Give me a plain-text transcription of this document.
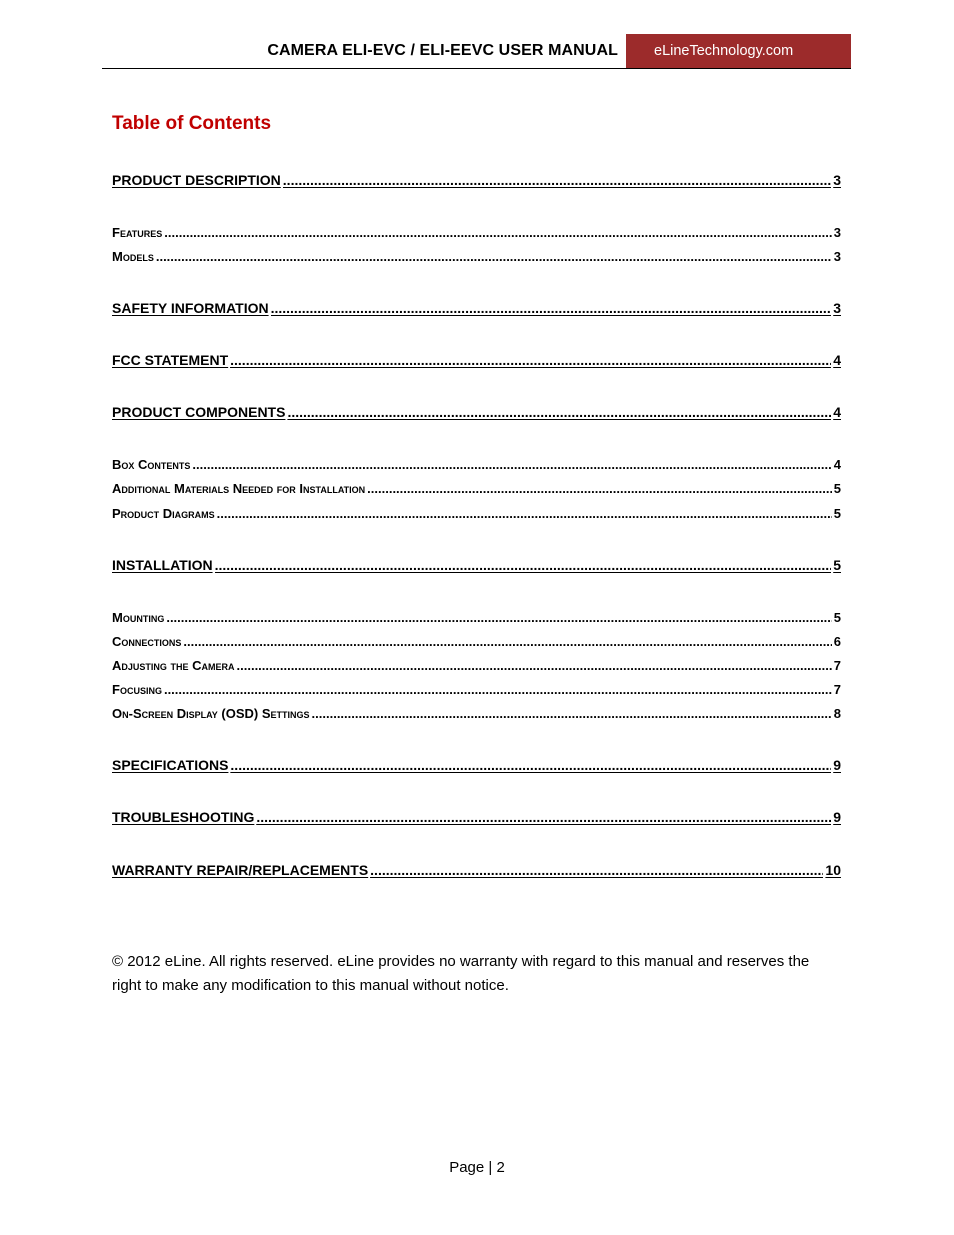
CAMERA ELI-EVC / ELI-EEVC USER MANUAL	eLineTechnology.com
Table of Contents
PRODUCT DESCRIPTION .....	3
Features .....	3
Models .....	3
SAFETY INFORMATION .....	3
FCC STATEMENT .....	4
PRODUCT COMPONENTS .....	4
Box Contents .....	4
Additional Materials Needed for Installation .....	5
Product Diagrams .....	5
INSTALLATION .....	5
Mounting .....	5
Connections .....	6
Adjusting the Camera .....	7
Focusing .....	7
On-Screen Display (OSD) Settings .....	8
SPECIFICATIONS .....	9
TROUBLESHOOTING .....	9
WARRANTY REPAIR/REPLACEMENTS .....	10
© 2012 eLine. All rights reserved. eLine provides no warranty with regard to this manual and reserves the right to make any modification to this manual without notice.
Page | 2
